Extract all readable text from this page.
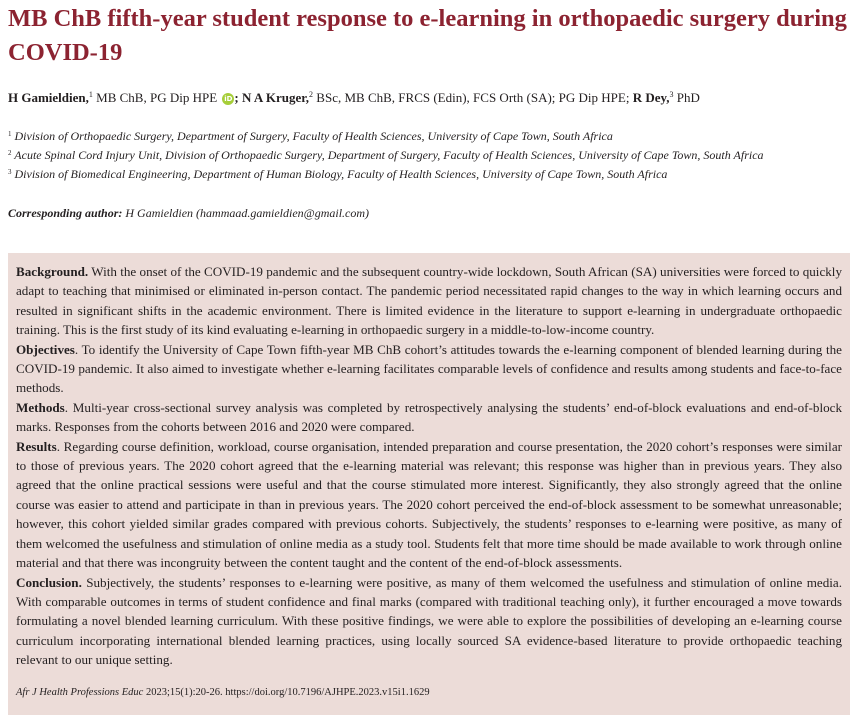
MB ChB fifth-year student response to e-learning in orthopaedic surgery during COVID-19
H Gamieldien,$^1$ MB ChB, PG Dip HPE iD ; N A Kruger,$^2$ BSc, MB ChB, FRCS (Edin), FCS Orth (SA); PG Dip HPE; R Dey,$^3$ PhD
$^1$ Division of Orthopaedic Surgery, Department of Surgery, Faculty of Health Sciences, University of Cape Town, South Africa
$^2$ Acute Spinal Cord Injury Unit, Division of Orthopaedic Surgery, Department of Surgery, Faculty of Health Sciences, University of Cape Town, South Africa
$^3$ Division of Biomedical Engineering, Department of Human Biology, Faculty of Health Sciences, University of Cape Town, South Africa
Corresponding author: H Gamieldien (hammaad.gamieldien@gmail.com)

Background. With the onset of the COVID-19 pandemic and the subsequent country-wide lockdown, South African (SA) universities were forced to quickly adapt to teaching that minimised or eliminated in-person contact. The pandemic period necessitated rapid changes to the way in which learning occurs and resulted in significant shifts in the academic environment. There is limited evidence in the literature to support e-learning in undergraduate orthopaedic training. This is the first study of its kind evaluating e-learning in orthopaedic surgery in a middle-to-low-income country.

Objectives. To identify the University of Cape Town fifth-year MB ChB cohort’s attitudes towards the e-learning component of blended learning during the COVID-19 pandemic. It also aimed to investigate whether e-learning facilitates comparable levels of confidence and results among students and face-to-face methods.

Methods. Multi-year cross-sectional survey analysis was completed by retrospectively analysing the students’ end-of-block evaluations and end-of-block marks. Responses from the cohorts between 2016 and 2020 were compared.

Results. Regarding course definition, workload, course organisation, intended preparation and course presentation, the 2020 cohort’s responses were similar to those of previous years. The 2020 cohort agreed that the e-learning material was relevant; this response was higher than in previous years. They also agreed that the online practical sessions were useful and that the course stimulated more interest. Significantly, they also strongly agreed that the online course was easier to attend and participate in than in previous years. The 2020 cohort perceived the end-of-block assessment to be somewhat unreasonable; however, this cohort yielded similar grades compared with previous cohorts. Subjectively, the students’ responses to e-learning were positive, as many of them welcomed the usefulness and stimulation of online media as a study tool. Students felt that more time should be made available to work through online material and that there was incongruity between the content taught and the content of the end-of-block assessments.

Conclusion. Subjectively, the students’ responses to e-learning were positive, as many of them welcomed the usefulness and stimulation of online media. With comparable outcomes in terms of student confidence and final marks (compared with traditional teaching only), it further encouraged a move towards formulating a novel blended learning curriculum. With these positive findings, we were able to explore the possibilities of developing an e-learning course curriculum incorporating international blended learning practices, using locally sourced SA evidence-based literature to provide orthopaedic teaching relevant to our unique setting.

Afr J Health Professions Educ 2023;15(1):20-26. https://doi.org/10.7196/AJHPE.2023.v15i1.1629
